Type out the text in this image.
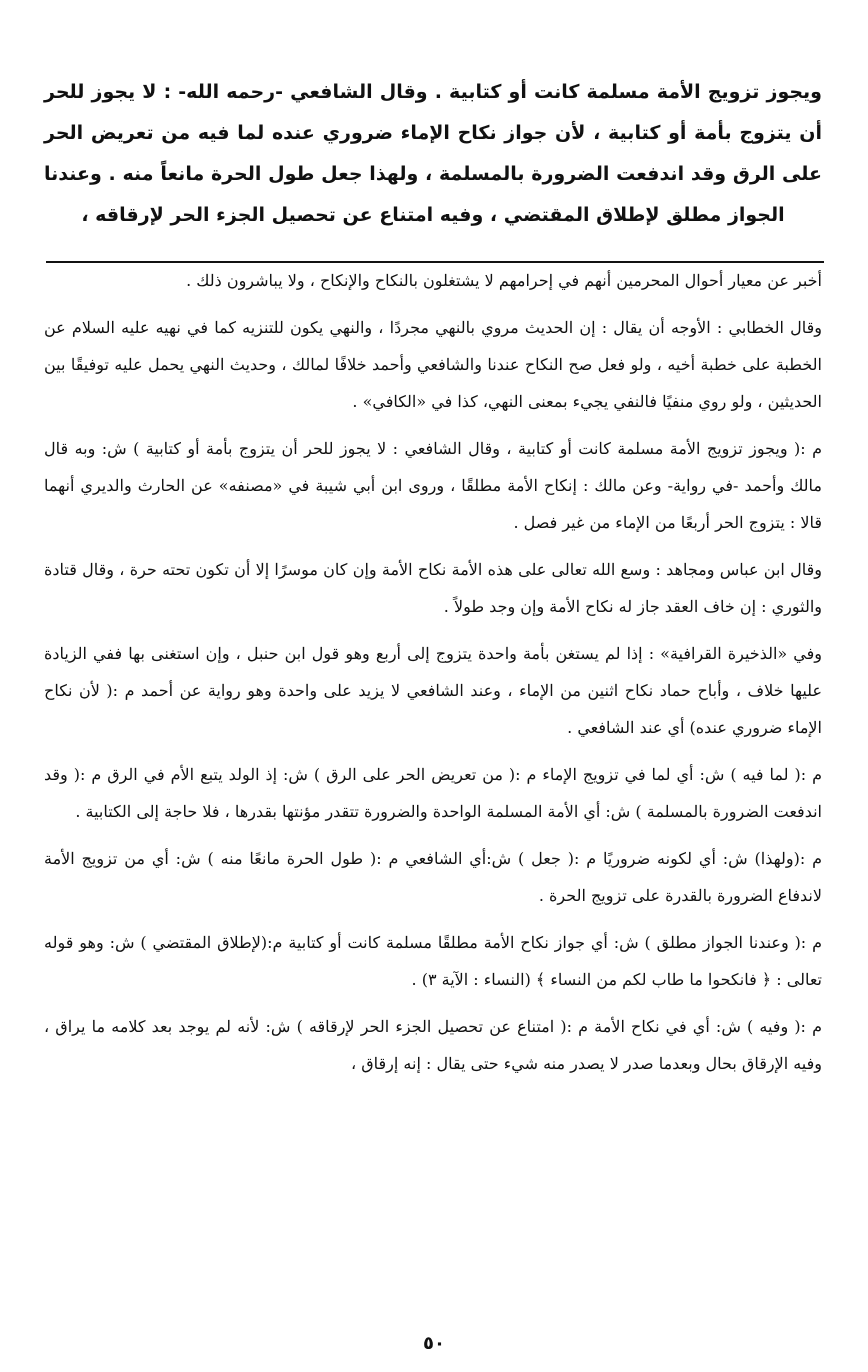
ويجوز تزويج الأمة مسلمة كانت أو كتابية . وقال الشافعي -رحمه الله- : لا يجوز للحر أن يتزوج بأمة أو كتابية ، لأن جواز نكاح الإماء ضروري عنده لما فيه من تعريض الحر على الرق وقد اندفعت الضرورة بالمسلمة ، ولهذا جعل طول الحرة مانعاً منه . وعندنا الجواز مطلق لإطلاق المقتضي ، وفيه امتناع عن تحصيل الجزء الحر لإرقاقه ،

أخبر عن معيار أحوال المحرمين أنهم في إحرامهم لا يشتغلون بالنكاح والإنكاح ، ولا يباشرون ذلك .

وقال الخطابي : الأوجه أن يقال : إن الحديث مروي بالنهي مجردًا ، والنهي يكون للتنزيه كما في نهيه عليه السلام عن الخطبة على خطبة أخيه ، ولو فعل صح النكاح عندنا والشافعي وأحمد خلافًا لمالك ، وحديث النهي يحمل عليه توفيقًا بين الحديثين ، ولو روي منفيًا فالنفي يجيء بمعنى النهي، كذا في «الكافي» .

م :( ويجوز تزويج الأمة مسلمة كانت أو كتابية ، وقال الشافعي : لا يجوز للحر أن يتزوج بأمة أو كتابية ) ش: وبه قال مالك وأحمد -في رواية- وعن مالك : إنكاح الأمة مطلقًا ، وروى ابن أبي شيبة في «مصنفه» عن الحارث والديري أنهما قالا : يتزوج الحر أربعًا من الإماء من غير فصل .

وقال ابن عباس ومجاهد : وسع الله تعالى على هذه الأمة نكاح الأمة وإن كان موسرًا إلا أن تكون تحته حرة ، وقال قتادة والثوري : إن خاف العقد جاز له نكاح الأمة وإن وجد طولاً .

وفي «الذخيرة القرافية» : إذا لم يستغن بأمة واحدة يتزوج إلى أربع وهو قول ابن حنبل ، وإن استغنى بها ففي الزيادة عليها خلاف ، وأباح حماد نكاح اثنين من الإماء ، وعند الشافعي لا يزيد على واحدة وهو رواية عن أحمد م :( لأن نكاح الإماء ضروري عنده) أي عند الشافعي .

م :( لما فيه ) ش: أي لما في تزويج الإماء م :( من تعريض الحر على الرق ) ش: إذ الولد يتبع الأم في الرق م :( وقد اندفعت الضرورة بالمسلمة ) ش: أي الأمة المسلمة الواحدة والضرورة تتقدر مؤنتها بقدرها ، فلا حاجة إلى الكتابية .

م :(ولهذا) ش: أي لكونه ضروريًا م :( جعل ) ش:أي الشافعي م :( طول الحرة مانعًا منه ) ش: أي من تزويج الأمة لاندفاع الضرورة بالقدرة على تزويج الحرة .

م :( وعندنا الجواز مطلق ) ش: أي جواز نكاح الأمة مطلقًا مسلمة كانت أو كتابية م:(لإطلاق المقتضي ) ش: وهو قوله تعالى : ﴿ فانكحوا ما طاب لكم من النساء ﴾ (النساء : الآية ٣) .

م :( وفيه ) ش: أي في نكاح الأمة م :( امتناع عن تحصيل الجزء الحر لإرقاقه ) ش: لأنه لم يوجد بعد كلامه ما يراق ، وفيه الإرقاق بحال وبعدما صدر لا يصدر منه شيء حتى يقال : إنه إرقاق ،

٥٠
